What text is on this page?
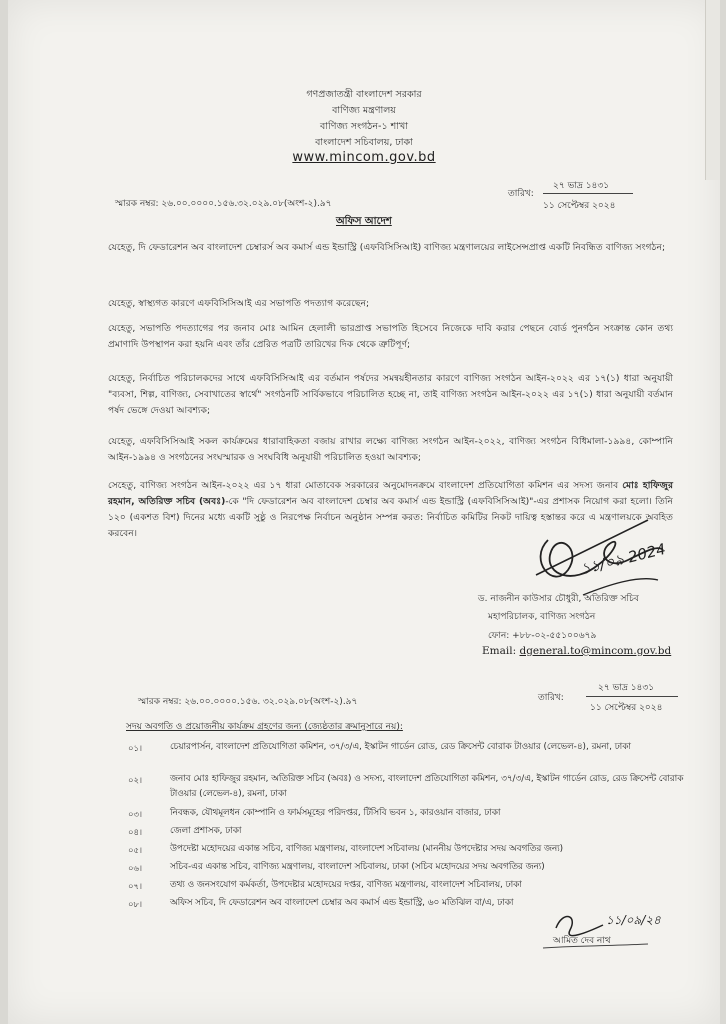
গণপ্রজাতন্ত্রী বাংলাদেশ সরকার
বাণিজ্য মন্ত্রণালয়
বাণিজ্য সংগঠন-১ শাখা
বাংলাদেশ সচিবালয়, ঢাকা
www.mincom.gov.bd
স্মারক নম্বর: ২৬.০০.০০০০.১৫৬.৩২.০২৯.০৮(অংশ-২).৯৭
তারিখ:
২৭ ভাদ্র ১৪৩১
১১ সেপ্টেম্বর ২০২৪
অফিস আদেশ
যেহেতু, দি ফেডারেশন অব বাংলাদেশ চেম্বারর্স অব কমার্স এন্ড ইন্ডাস্ট্রি (এফবিসিসিআই) বাণিজ্য মন্ত্রণালয়ের লাইসেন্সপ্রাপ্ত একটি নিবন্ধিত বাণিজ্য সংগঠন;
যেহেতু, স্বাস্থ্যগত কারণে এফবিসিসিআই এর সভাপতি পদত্যাগ করেছেন;
যেহেতু, সভাপতি পদত্যাগের পর জনাব মোঃ আমিন হেলালী ভারপ্রাপ্ত সভাপতি হিসেবে নিজেকে দাবি করার পেছনে বোর্ড পুনর্গঠন সংক্রান্ত কোন তথ্য প্রমাণাদি উপস্থাপন করা হয়নি এবং তাঁর প্রেরিত পত্রটি তারিখের দিক থেকে ত্রুটিপূর্ণ;
যেহেতু, নির্বাচিত পরিচালকদের সাথে এফবিসিসিআই এর বর্তমান পর্ষদের সমন্বয়হীনতার কারণে বাণিজ্য সংগঠন আইন-২০২২ এর ১৭(১) ধারা অনুযায়ী "ব্যবসা, শিল্প, বাণিজ্য, সেবাখাতের স্বার্থে" সংগঠনটি সার্বিকভাবে পরিচালিত হচ্ছে না, তাই বাণিজ্য সংগঠন আইন-২০২২ এর ১৭(১) ধারা অনুযায়ী বর্তমান পর্ষদ ভেঙ্গে দেওয়া আবশ্যক;
যেহেতু, এফবিসিসিআই সকল কার্যক্রমের ধারাবাহিকতা বজায় রাখার লক্ষ্যে বাণিজ্য সংগঠন আইন-২০২২, বাণিজ্য সংগঠন বিধিমালা-১৯৯৪, কোম্পানি আইন-১৯৯৪ ও সংগঠনের সংঘস্মারক ও সংঘবিধি অনুযায়ী পরিচালিত হওয়া আবশ্যক;
সেহেতু, বাণিজ্য সংগঠন আইন-২০২২ এর ১৭ ধারা মোতাবেক সরকারের অনুমোদনক্রমে বাংলাদেশ প্রতিযোগিতা কমিশন এর সদস্য জনাব মোঃ হাফিজুর রহমান, অতিরিক্ত সচিব (অবঃ)-কে "দি ফেডারেশন অব বাংলাদেশ চেম্বার অব কমার্স এন্ড ইন্ডাস্ট্রি (এফবিসিসিআই)"-এর প্রশাসক নিয়োগ করা হলো। তিনি ১২০ (একশত বিশ) দিনের মধ্যে একটি সুষ্ঠু ও নিরপেক্ষ নির্বাচন অনুষ্ঠান সম্পন্ন করত: নির্বাচিত কমিটির নিকট দায়িত্ব হস্তান্তর করে এ মন্ত্রণালয়কে অবহিত করবেন।
১১/০৯ 2024
ড. নাজনীন কাউসার চৌধুরী, অতিরিক্ত সচিব
মহাপরিচালক, বাণিজ্য সংগঠন
ফোন: +৮৮-০২-৫৫১০০৬৭৯
Email: dgeneral.to@mincom.gov.bd
স্মারক নম্বর: ২৬.০০.০০০০.১৫৬. ৩২.০২৯.০৮(অংশ-২).৯৭	তারিখ:
২৭ ভাদ্র ১৪৩১
১১ সেপ্টেম্বর ২০২৪
সদয় অবগতি ও প্রয়োজনীয় কার্যক্রম গ্রহণের জন্য (জ্যেষ্ঠতার ক্রমানুসারে নয়):
০১।	চেয়ারপার্সন, বাংলাদেশ প্রতিযোগিতা কমিশন, ৩৭/৩/এ, ইস্কাটন গার্ডেন রোড, রেড ক্রিসেন্ট বোরাক টাওয়ার (লেভেল-৪), রমনা, ঢাকা
০২।	জনাব মোঃ হাফিজুর রহমান, অতিরিক্ত সচিব (অবঃ) ও সদস্য, বাংলাদেশ প্রতিযোগিতা কমিশন, ৩৭/৩/এ, ইস্কাটন গার্ডেন রোড, রেড ক্রিসেন্ট বোরাক টাওয়ার (লেভেল-৪), রমনা, ঢাকা
০৩।	নিবন্ধক, যৌথমূলধন কোম্পানি ও ফার্মসমূহের পরিদপ্তর, টিসিবি ভবন ১, কারওয়ান বাজার, ঢাকা
০৪।	জেলা প্রশাসক, ঢাকা
০৫।	উপদেষ্টা মহোদয়ের একান্ত সচিব, বাণিজ্য মন্ত্রণালয়, বাংলাদেশ সচিবালয় (মাননীয় উপদেষ্টার সদয় অবগতির জন্য)
০৬।	সচিব-এর একান্ত সচিব, বাণিজ্য মন্ত্রণালয়, বাংলাদেশ সচিবালয়, ঢাকা (সচিব মহোদয়ের সদয় অবগতির জন্য)
০৭।	তথ্য ও জনসংযোগ কর্মকর্তা, উপদেষ্টার মহোদয়ের দপ্তর, বাণিজ্য মন্ত্রণালয়, বাংলাদেশ সচিবালয়, ঢাকা
০৮।	অফিস সচিব, দি ফেডারেশন অব বাংলাদেশ চেম্বার অব কমার্স এন্ড ইন্ডাস্ট্রি, ৬০ মতিঝিল বা/এ, ঢাকা
১১/০৯/২৪
আমিত দেব নাথ
